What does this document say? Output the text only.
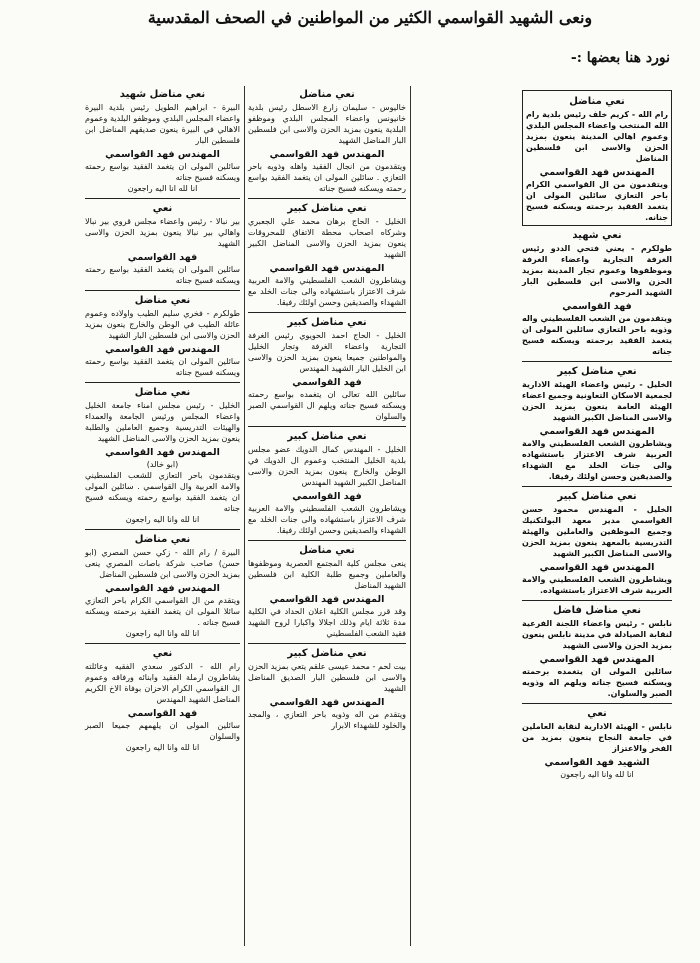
ونعى الشهيد القواسمي الكثير من المواطنين في الصحف المقدسية
نورد هنا بعضها :-
نعي مناضل
رام الله - كريم خلف رئيس بلدية رام الله المنتخب واعضاء المجلس البلدي وعموم اهالي المدينة ينعون بمزيد الحزن والاسى ابن فلسطين المناضل
المهندس فهد القواسمي
ويتقدمون من ال القواسمي الكرام باحر التعازي سائلين المولى ان يتغمد الفقيد برحمته ويسكنه فسيح جنانه.
نعي شهيد
طولكرم - يعني فتحي الددو رئيس الغرفة التجارية واعضاء الغرفة وموظفوها وعموم تجار المدينة بمزيد الحزن والاسى ابن فلسطين البار الشهيد المرحوم
فهد القواسمي
ويتقدمون من الشعب الفلسطيني واله وذويه باحر التعازي سائلين المولى ان يتغمد الفقيد برحمته ويسكنه فسيح جناته
نعي مناضل كبير
الخليل - رئيس واعضاء الهيئة الادارية لجمعية الاسكان التعاونية وجميع اعضاء الهيئة العامة ينعون بمزيد الحزن والاسى المناضل الكبير الشهيد
المهندس فهد القواسمي
ويشاطرون الشعب الفلسطيني والامة العربية شرف الاعتزاز باستشهاده والى جنات الخلد مع الشهداء والصديقين وحسن اولئك رفيقا.
نعي مناضل كبير
الخليل - المهندس محمود حسن القواسمي مدير معهد البولتكنيك وجميع الموظفين والعاملين والهيئة التدريسية بالمعهد ينعون بمزيد الحزن والاسى المناضل الكبير الشهيد
المهندس فهد القواسمي
ويشاطرون الشعب الفلسطيني والامة العربية شرف الاعتزاز باستشهاده.
نعي مناضل فاضل
نابلس - رئيس واعضاء اللجنة الفرعية لنقابة الصيادلة في مدينة نابلس ينعون بمزيد الحزن والاسى الشهيد
المهندس فهد القواسمي
سائلين المولى ان يتغمده برحمته ويسكنه فسيح جناته ويلهم اله وذويه الصبر والسلوان.
نعي
نابلس - الهيئة الادارية لنقابة العاملين في جامعة النجاح ينعون بمزيد من الفخر والاعتزاز
الشهيد فهد القواسمي
انا لله وانا اليه راجعون
نعي مناضل
خاليوس - سليمان زارع الاسطل رئيس بلدية خانيونس واعضاء المجلس البلدي وموظفو البلدية ينعون بمزيد الحزن والاسى ابن فلسطين البار المناضل الشهيد
المهندس فهد القواسمي
ويتقدمون من انجال الفقيد واهله وذويه باحر التعازي . سائلين المولى ان يتغمد الفقيد بواسع رحمته ويسكنه فسيح جناته
نعي مناضل كبير
الخليل - الحاج برهان محمد علي الجعبري وشركاه اصحاب محطة الاتفاق للمحروقات ينعون بمزيد الحزن والاسى المناضل الكبير الشهيد
المهندس فهد القواسمي
ويشاطرون الشعب الفلسطيني والامة العربية شرف الاعتزاز باستشهاده والى جنات الخلد مع الشهداء والصديقين وحسن اولئك رفيقا.
نعي مناضل كبير
الخليل - الحاج احمد الحويوي رئيس الغرفة التجارية واعضاء الغرفة وتجار الخليل والمواطنين جميعا ينعون بمزيد الحزن والاسى ابن الخليل البار الشهيد المهندس
فهد القواسمي
سائلين الله تعالى ان يتغمده بواسع رحمته ويسكنه فسيح جناته ويلهم ال القواسمي الصبر والسلوان
نعي مناضل كبير
الخليل - المهندس كمال الدويك عضو مجلس بلدية الخليل المنتخب وعموم ال الدويك في الوطن والخارج ينعون بمزيد الحزن والاسى المناضل الكبير الشهيد المهندس
فهد القواسمي
ويشاطرون الشعب الفلسطيني والامة العربية شرف الاعتزاز باستشهاده والى جنات الخلد مع الشهداء والصديقين وحسن اولئك رفيقا.
نعي مناضل
ينعى مجلس كلية المجتمع العصرية وموظفوها والعاملين وجميع طلبة الكلية ابن فلسطين الشهيد المناضل
المهندس فهد القواسمي
وقد قرر مجلس الكلية اعلان الحداد في الكلية مدة ثلاثة ايام وذلك اجلالا واكبارا لروح الشهيد فقيد الشعب الفلسطيني
نعي مناضل كبير
بيت لحم - محمد عيسى علقم يتعي بمزيد الحزن والاسى ابن فلسطين البار الصديق المناضل الشهيد
المهندس فهد القواسمي
ويتقدم من اله وذويه باحر التعازي ، والمجد والخلود للشهداء الابرار
نعي مناضل شهيد
البيرة - ابراهيم الطويل رئيس بلدية البيرة واعضاء المجلس البلدي وموظفو البلدية وعموم الاهالي في البيرة ينعون صديقهم المناضل ابن فلسطين البار
المهندس فهد القواسمي
سائلين المولى ان يتغمد الفقيد بواسع رحمته ويسكنه فسيح جناته
انا لله انا اليه راجعون
نعي
بير نبالا - رئيس واعضاء مجلس قروي بير نبالا واهالي بير نبالا ينعون بمزيد الحزن والاسى الشهيد
فهد القواسمي
سائلين المولى ان يتغمد الفقيد بواسع رحمته ويسكنه فسيح جناته
نعي مناضل
طولكرم - فخري سليم الطيب واولاده وعموم عائلة الطيب في الوطن والخارج ينعون بمزيد الحزن والاسى ابن فلسطين البار الشهيد
المهندس فهد القواسمي
سائلين المولى ان يتغمد الفقيد بواسع رحمته ويسكنه فسيح جناته
نعي مناضل
الخليل - رئيس مجلس امناء جامعة الخليل واعضاء المجلس ورئيس الجامعة والعمداء والهيئات التدريسية وجميع العاملين والطلبة ينعون بمزيد الحزن والاسى المناضل الشهيد
المهندس فهد القواسمي
(ابو خالد)
ويتقدمون باحر التعازي للشعب الفلسطيني والامة العربية وال القواسمي . سائلين المولى ان يتغمد الفقيد بواسع رحمته ويسكنه فسيح جناته
انا لله وانا اليه راجعون
نعي مناضل
البيرة / رام الله - زكي حسن المصري (ابو حسن) صاحب شركة باصات المصري ينعى بمزيد الحزن والاسى ابن فلسطين المناضل
المهندس فهد القواسمي
ويتقدم من ال القواسمي الكرام باحر التعازي سائلا المولى ان يتغمد الفقيد برحمته ويسكنه فسيح جناته .
انا لله وانا اليه راجعون
نعي
رام الله - الدكتور سعدي الفقيه وعائلته يشاطرون ارملة الفقيد وابنائه ورفاقه وعموم ال القواسمي الكرام الاحزان بوفاة الاخ الكريم المناضل الشهيد المهندس
فهد القواسمي
سائلين المولى ان يلهمهم جميعا الصبر والسلوان
انا لله وانا اليه راجعون
